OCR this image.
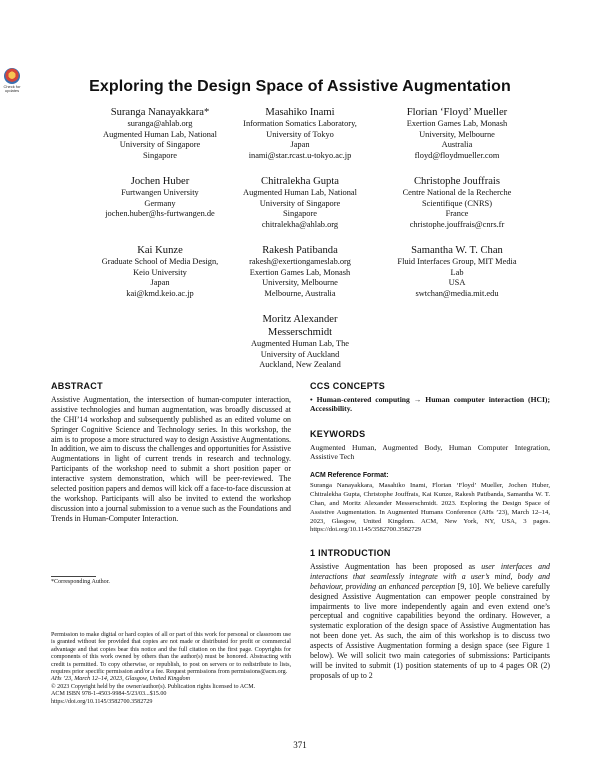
Check for
updates	Exploring the Design Space of Assistive Augmentation
Suranga Nanayakkara*
suranga@ahlab.org
Augmented Human Lab, National
University of Singapore
Singapore
Masahiko Inami
Information Somatics Laboratory,
University of Tokyo
Japan
inami@star.rcast.u-tokyo.ac.jp
Florian ‘Floyd’ Mueller
Exertion Games Lab, Monash
University, Melbourne
Australia
floyd@floydmueller.com
Jochen Huber
Furtwangen University
Germany
jochen.huber@hs-furtwangen.de
Chitralekha Gupta
Augmented Human Lab, National
University of Singapore
Singapore
chitralekha@ahlab.org
Christophe Jouffrais
Centre National de la Recherche
Scientifique (CNRS)
France
christophe.jouffrais@cnrs.fr
Kai Kunze
Graduate School of Media Design,
Keio University
Japan
kai@kmd.keio.ac.jp
Rakesh Patibanda
rakesh@exertiongameslab.org
Exertion Games Lab, Monash
University, Melbourne
Melbourne, Australia
Samantha W. T. Chan
Fluid Interfaces Group, MIT Media
Lab
USA
swtchan@media.mit.edu
Moritz Alexander Messerschmidt
Augmented Human Lab, The
University of Auckland
Auckland, New Zealand
ABSTRACT
Assistive Augmentation, the intersection of human-computer interaction, assistive technologies and human augmentation, was broadly discussed at the CHI’14 workshop and subsequently published as an edited volume on Springer Cognitive Science and Technology series. In this workshop, the aim is to propose a more structured way to design Assistive Augmentations. In addition, we aim to discuss the challenges and opportunities for Assistive Augmentations in light of current trends in research and technology. Participants of the workshop need to submit a short position paper or interactive system demonstration, which will be peer-reviewed. The selected position papers and demos will kick off a face-to-face discussion at the workshop. Participants will also be invited to extend the workshop discussion into a journal submission to a venue such as the Foundations and Trends in Human-Computer Interaction.
*Corresponding Author.
Permission to make digital or hard copies of all or part of this work for personal or classroom use is granted without fee provided that copies are not made or distributed for profit or commercial advantage and that copies bear this notice and the full citation on the first page. Copyrights for components of this work owned by others than the author(s) must be honored. Abstracting with credit is permitted. To copy otherwise, or republish, to post on servers or to redistribute to lists, requires prior specific permission and/or a fee. Request permissions from permissions@acm.org.
AHs ’23, March 12–14, 2023, Glasgow, United Kingdom
© 2023 Copyright held by the owner/author(s). Publication rights licensed to ACM.
ACM ISBN 978-1-4503-9984-5/23/03...$15.00
https://doi.org/10.1145/3582700.3582729
CCS CONCEPTS
• Human-centered computing → Human computer interaction (HCI); Accessibility.
KEYWORDS
Augmented Human, Augmented Body, Human Computer Integration, Assistive Tech
ACM Reference Format:
Suranga Nanayakkara, Masahiko Inami, Florian ‘Floyd’ Mueller, Jochen Huber, Chitralekha Gupta, Christophe Jouffrais, Kai Kunze, Rakesh Patibanda, Samantha W. T. Chan, and Moritz Alexander Messerschmidt. 2023. Exploring the Design Space of Assistive Augmentation. In Augmented Humans Conference (AHs ’23), March 12–14, 2023, Glasgow, United Kingdom. ACM, New York, NY, USA, 3 pages. https://doi.org/10.1145/3582700.3582729
1 INTRODUCTION
Assistive Augmentation has been proposed as user interfaces and interactions that seamlessly integrate with a user’s mind, body and behaviour, providing an enhanced perception [9, 10]. We believe carefully designed Assistive Augmentation can empower people constrained by impairments to live more independently again and even extend one’s perceptual and cognitive capabilities beyond the ordinary. However, a systematic exploration of the design space of Assistive Augmentation has not been done yet. As such, the aim of this workshop is to discuss two aspects of Assistive Augmentation forming a design space (see Figure 1 below). We will solicit two main categories of submissions: Participants will be invited to submit (1) position statements of up to 4 pages OR (2) proposals of up to 2
371
